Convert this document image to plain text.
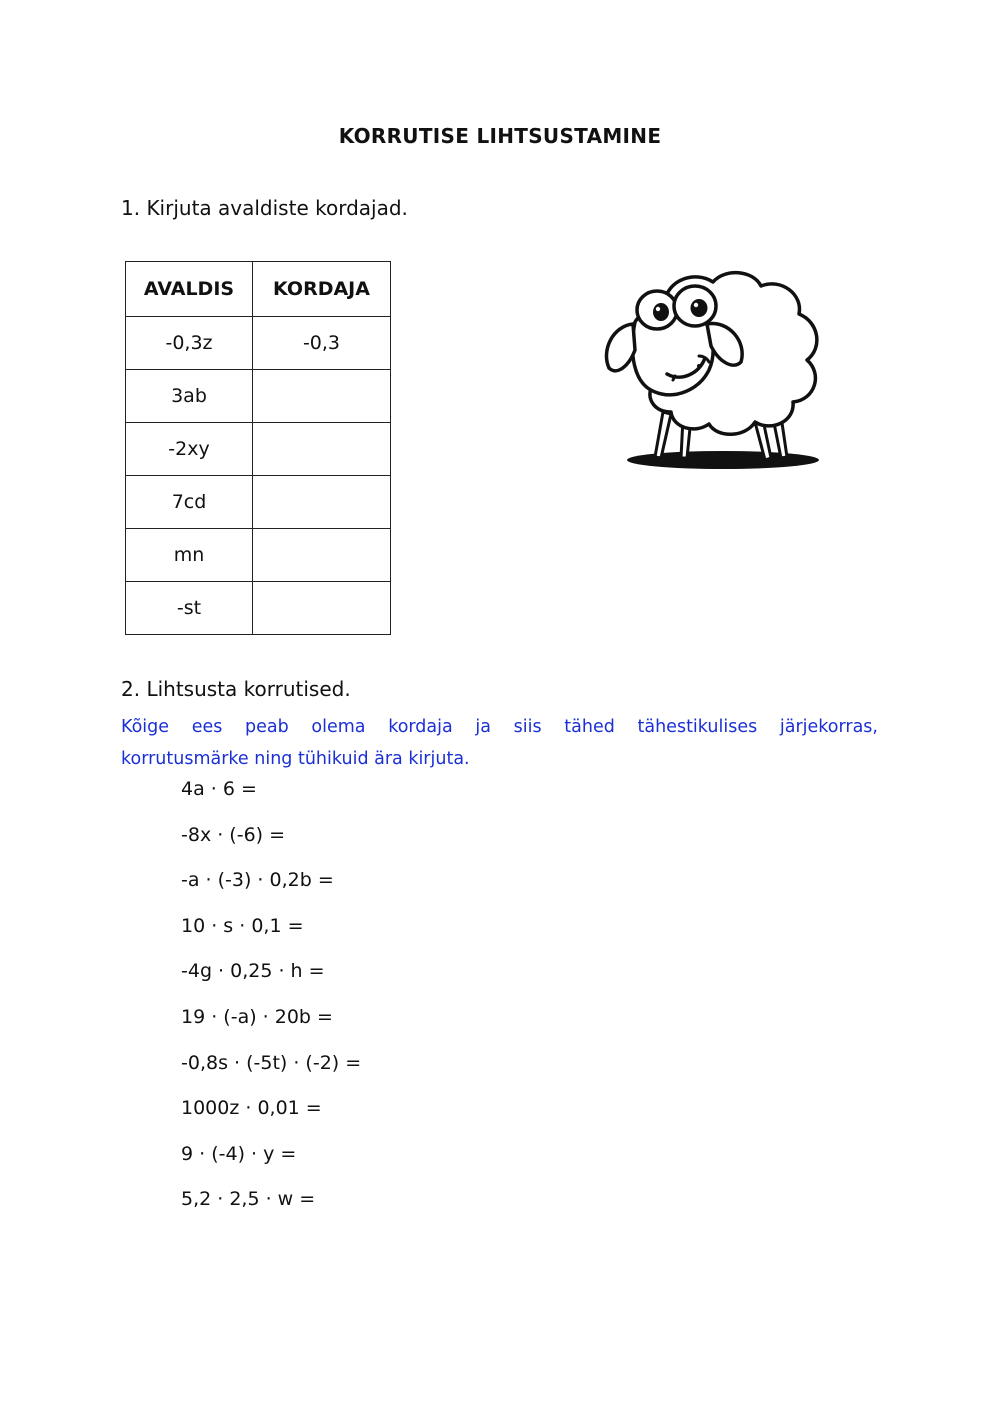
KORRUTISE LIHTSUSTAMINE
1. Kirjuta avaldiste kordajad.
AVALDIS	KORDAJA
-0,3z	-0,3
3ab	
-2xy	
7cd	
mn	
-st	
2. Lihtsusta korrutised.
Kõige ees peab olema kordaja ja siis tähed tähestikulises järjekorras,
korrutusmärke ning tühikuid ära kirjuta.
4a · 6 =
-8x · (-6) =
-a · (-3) · 0,2b =
10 · s · 0,1 =
-4g · 0,25 · h =
19 · (-a) · 20b =
-0,8s · (-5t) · (-2) =
1000z · 0,01 =
9 · (-4) · y =
5,2 · 2,5 · w =
